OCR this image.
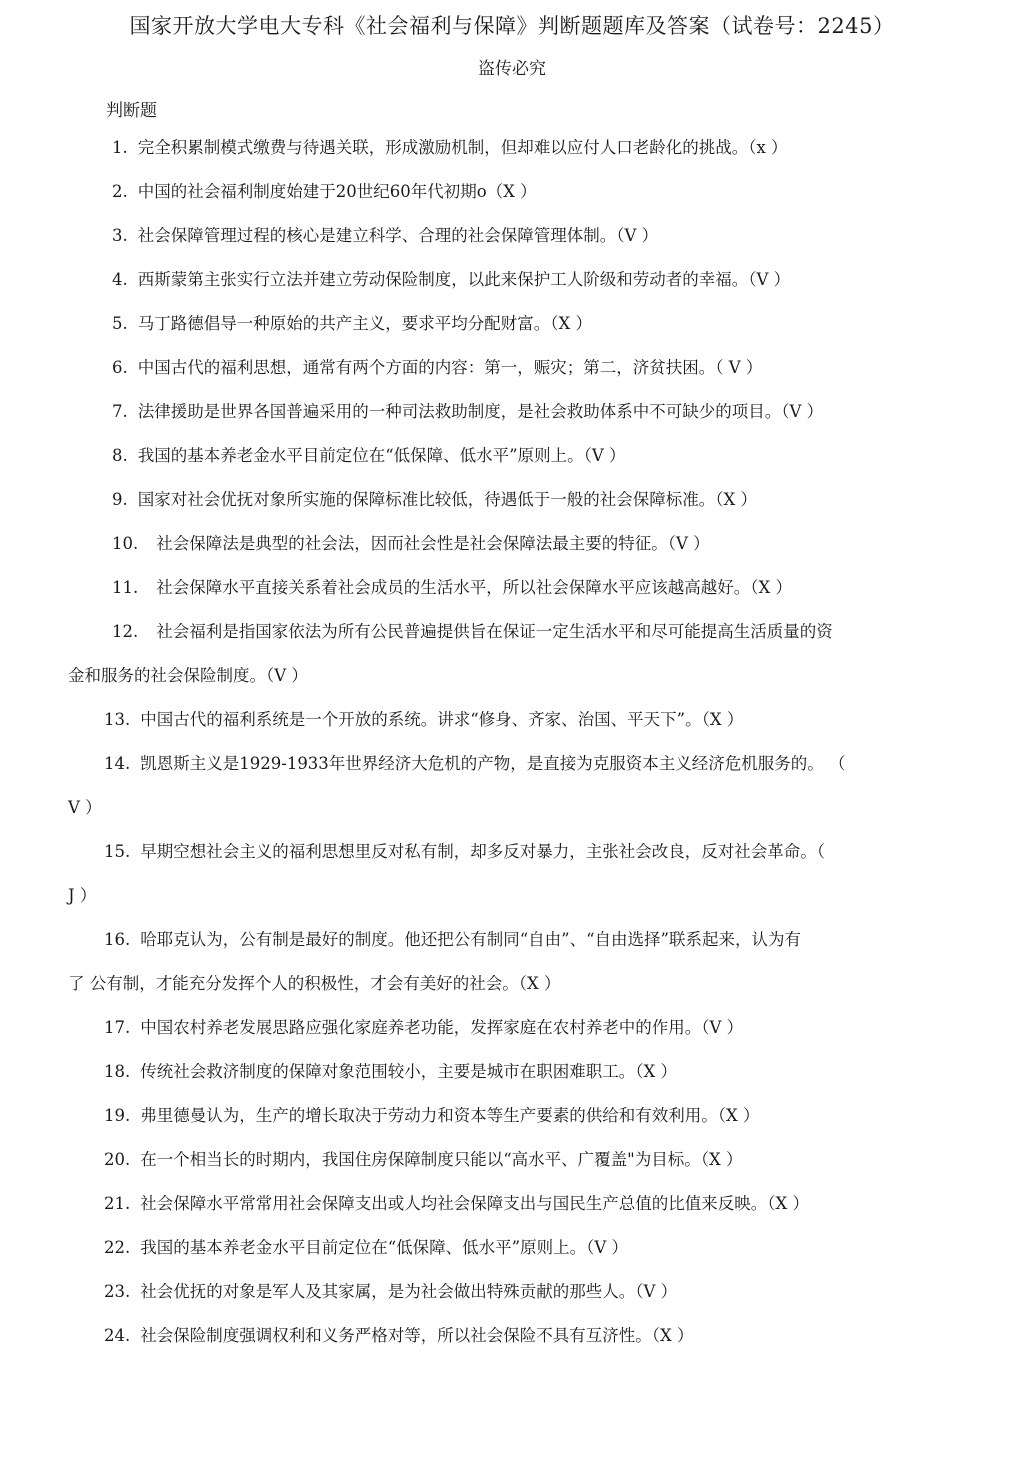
国家开放大学电大专科《社会福利与保障》判断题题库及答案（试卷号：2245）
盗传必究
判断题
1. 完全积累制模式缴费与待遇关联，形成激励机制，但却难以应付人口老龄化的挑战。（x ）
2. 中国的社会福利制度始建于20世纪60年代初期o（X ）
3. 社会保障管理过程的核心是建立科学、合理的社会保障管理体制。（V ）
4. 西斯蒙第主张实行立法并建立劳动保险制度，以此来保护工人阶级和劳动者的幸福。（V ）
5. 马丁路德倡导一种原始的共产主义，要求平均分配财富。（X ）
6. 中国古代的福利思想，通常有两个方面的内容：第一，赈灾；第二，济贫扶困。（ V ）
7. 法律援助是世界各国普遍采用的一种司法救助制度，是社会救助体系中不可缺少的项目。（V ）
8. 我国的基本养老金水平目前定位在“低保障、低水平”原则上。（V ）
9. 国家对社会优抚对象所实施的保障标准比较低，待遇低于一般的社会保障标准。（X ）
10. 社会保障法是典型的社会法，因而社会性是社会保障法最主要的特征。（V ）
11. 社会保障水平直接关系着社会成员的生活水平，所以社会保障水平应该越高越好。（X ）
12. 社会福利是指国家依法为所有公民普遍提供旨在保证一定生活水平和尽可能提高生活质量的资
金和服务的社会保险制度。（V ）
13. 中国古代的福利系统是一个开放的系统。讲求“修身、齐家、治国、平天下”。（X ）
14. 凯恩斯主义是1929-1933年世界经济大危机的产物，是直接为克服资本主义经济危机服务的。 （
V ）
15. 早期空想社会主义的福利思想里反对私有制，却多反对暴力，主张社会改良，反对社会革命。（
J ）
16. 哈耶克认为，公有制是最好的制度。他还把公有制同“自由”、“自由选择”联系起来，认为有
了 公有制，才能充分发挥个人的积极性，才会有美好的社会。（X ）
17. 中国农村养老发展思路应强化家庭养老功能，发挥家庭在农村养老中的作用。（V ）
18. 传统社会救济制度的保障对象范围较小，主要是城市在职困难职工。（X ）
19. 弗里德曼认为，生产的增长取决于劳动力和资本等生产要素的供给和有效利用。（X ）
20. 在一个相当长的时期内，我国住房保障制度只能以“高水平、广覆盖"为目标。（X ）
21. 社会保障水平常常用社会保障支出或人均社会保障支出与国民生产总值的比值来反映。（X ）
22. 我国的基本养老金水平目前定位在“低保障、低水平”原则上。（V ）
23. 社会优抚的对象是军人及其家属，是为社会做出特殊贡献的那些人。（V ）
24. 社会保险制度强调权利和义务严格对等，所以社会保险不具有互济性。（X ）
